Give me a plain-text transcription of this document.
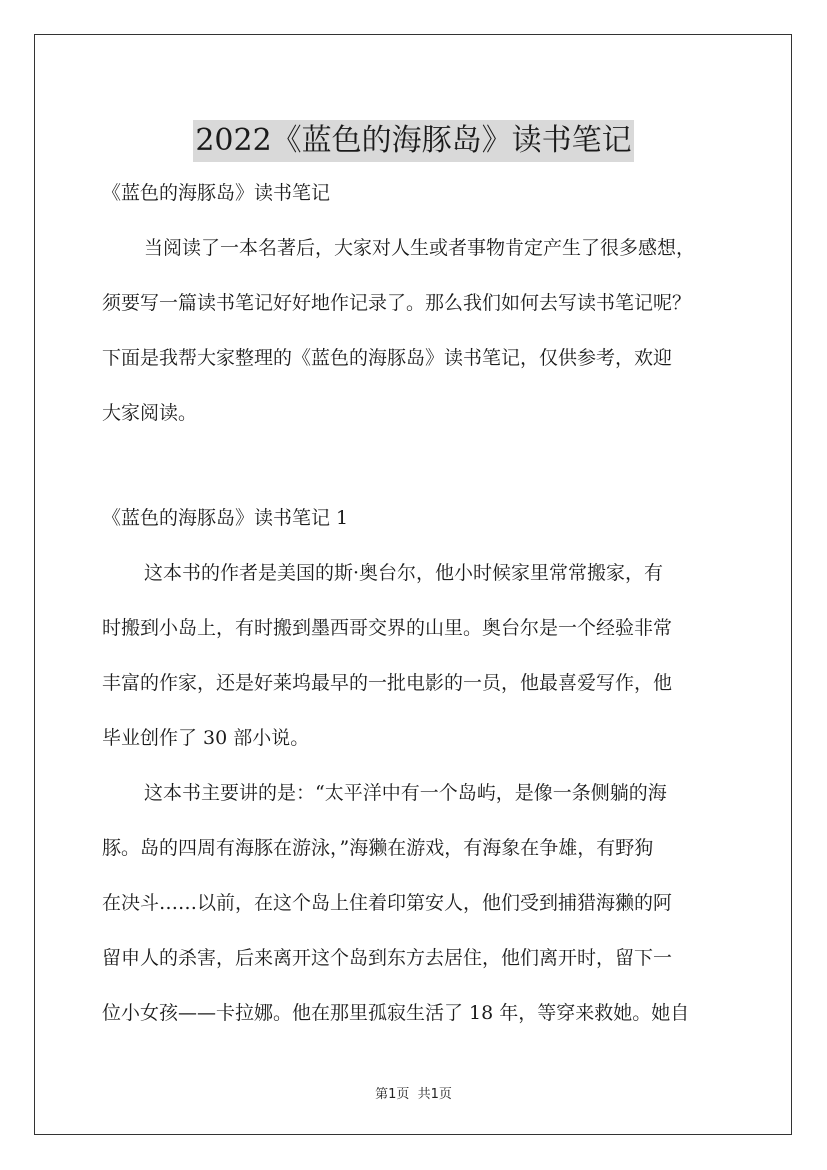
2022《蓝色的海豚岛》读书笔记
《蓝色的海豚岛》读书笔记
当阅读了一本名著后，大家对人生或者事物肯定产生了很多感想，
须要写一篇读书笔记好好地作记录了。那么我们如何去写读书笔记呢？
下面是我帮大家整理的《蓝色的海豚岛》读书笔记，仅供参考，欢迎
大家阅读。
《蓝色的海豚岛》读书笔记 1
这本书的作者是美国的斯·奥台尔，他小时候家里常常搬家，有
时搬到小岛上，有时搬到墨西哥交界的山里。奥台尔是一个经验非常
丰富的作家，还是好莱坞最早的一批电影的一员，他最喜爱写作，他
毕业创作了 30 部小说。
这本书主要讲的是：“太平洋中有一个岛屿，是像一条侧躺的海
豚。岛的四周有海豚在游泳，”海獭在游戏，有海象在争雄，有野狗
在决斗……以前，在这个岛上住着印第安人，他们受到捕猎海獭的阿
留申人的杀害，后来离开这个岛到东方去居住，他们离开时，留下一
位小女孩——卡拉娜。他在那里孤寂生活了 18 年，等穿来救她。她自
第1页 共1页
